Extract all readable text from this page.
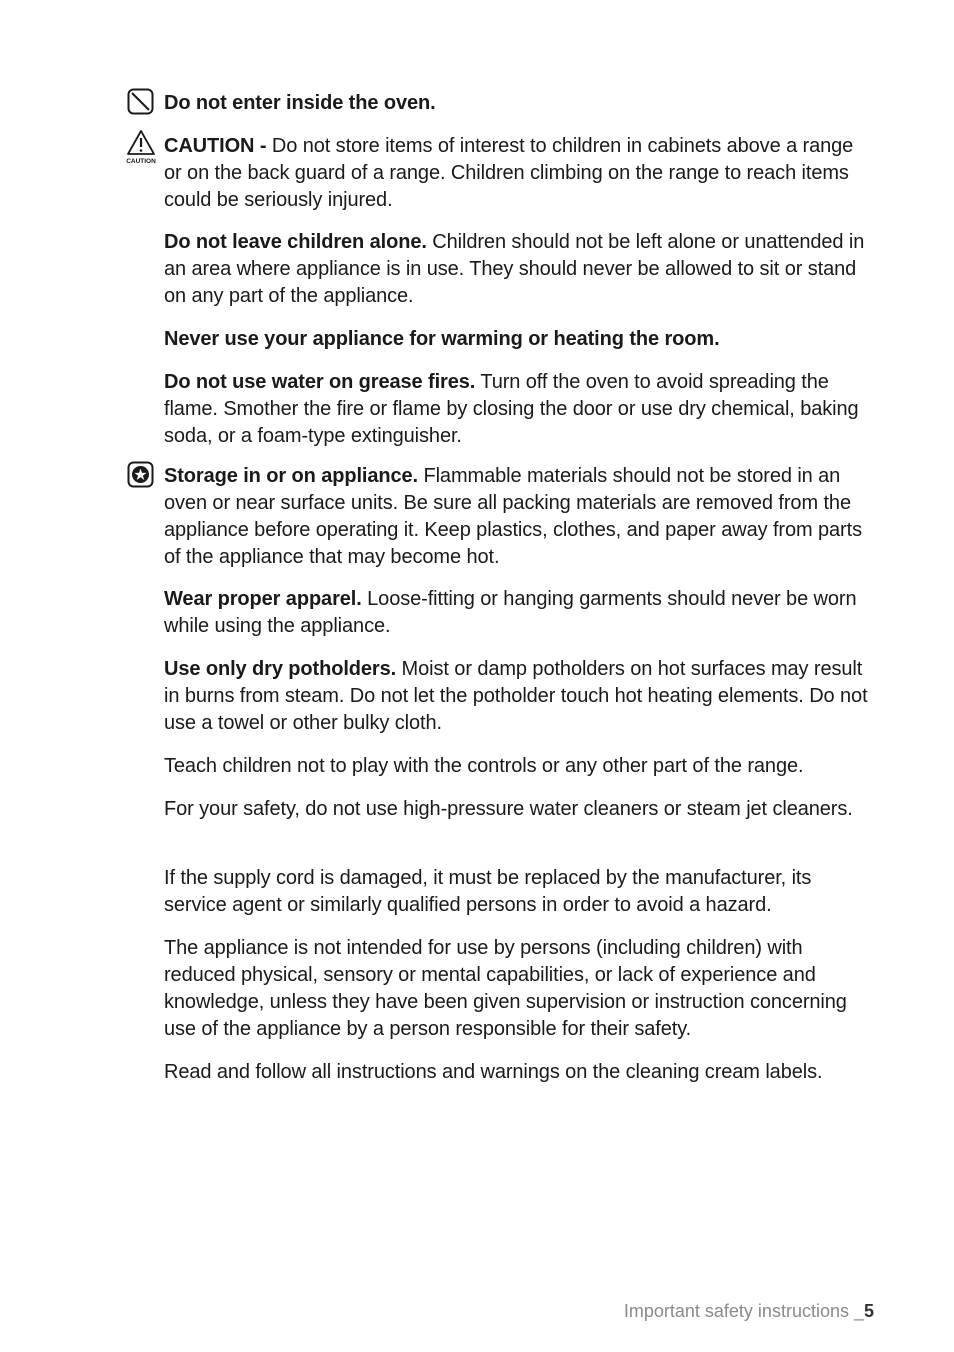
CAUTION

Do not enter inside the oven.

CAUTION - Do not store items of interest to children in cabinets above a range or on the back guard of a range. Children climbing on the range to reach items could be seriously injured.

Do not leave children alone. Children should not be left alone or unattended in an area where appliance is in use. They should never be allowed to sit or stand on any part of the appliance.

Never use your appliance for warming or heating the room.

Do not use water on grease fires. Turn off the oven to avoid spreading the flame. Smother the fire or flame by closing the door or use dry chemical, baking soda, or a foam-type extinguisher.

Storage in or on appliance. Flammable materials should not be stored in an oven or near surface units. Be sure all packing materials are removed from the appliance before operating it. Keep plastics, clothes, and paper away from parts of the appliance that may become hot.

Wear proper apparel. Loose-fitting or hanging garments should never be worn while using the appliance.

Use only dry potholders. Moist or damp potholders on hot surfaces may result in burns from steam. Do not let the potholder touch hot heating elements. Do not use a towel or other bulky cloth.

Teach children not to play with the controls or any other part of the range.

For your safety, do not use high-pressure water cleaners or steam jet cleaners.

If the supply cord is damaged, it must be replaced by the manufacturer, its service agent or similarly qualified persons in order to avoid a hazard.

The appliance is not intended for use by persons (including children) with reduced physical, sensory or mental capabilities, or lack of experience and knowledge, unless they have been given supervision or instruction concerning use of the appliance by a person responsible for their safety.

Read and follow all instructions and warnings on the cleaning cream labels.

Important safety instructions _5
